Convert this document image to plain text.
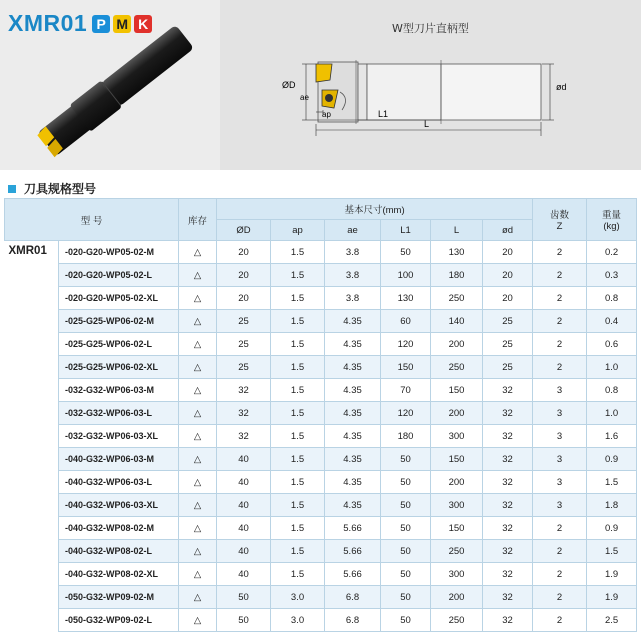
XMR01 P M K	W型刀片直柄型
ØD
ae
ap	L1
L
ød
刀具规格型号
型 号		库存	基本尺寸(mm)						齿数
Z	重量
(kg)
			ØD	ap	ae	L1	L	ød		
XMR01	-020-G20-WP05-02-M	△	20	1.5	3.8	50	130	20	2	0.2
	-020-G20-WP05-02-L	△	20	1.5	3.8	100	180	20	2	0.3
	-020-G20-WP05-02-XL	△	20	1.5	3.8	130	250	20	2	0.8
	-025-G25-WP06-02-M	△	25	1.5	4.35	60	140	25	2	0.4
	-025-G25-WP06-02-L	△	25	1.5	4.35	120	200	25	2	0.6
	-025-G25-WP06-02-XL	△	25	1.5	4.35	150	250	25	2	1.0
	-032-G32-WP06-03-M	△	32	1.5	4.35	70	150	32	3	0.8
	-032-G32-WP06-03-L	△	32	1.5	4.35	120	200	32	3	1.0
	-032-G32-WP06-03-XL	△	32	1.5	4.35	180	300	32	3	1.6
	-040-G32-WP06-03-M	△	40	1.5	4.35	50	150	32	3	0.9
	-040-G32-WP06-03-L	△	40	1.5	4.35	50	200	32	3	1.5
	-040-G32-WP06-03-XL	△	40	1.5	4.35	50	300	32	3	1.8
	-040-G32-WP08-02-M	△	40	1.5	5.66	50	150	32	2	0.9
	-040-G32-WP08-02-L	△	40	1.5	5.66	50	250	32	2	1.5
	-040-G32-WP08-02-XL	△	40	1.5	5.66	50	300	32	2	1.9
	-050-G32-WP09-02-M	△	50	3.0	6.8	50	200	32	2	1.9
	-050-G32-WP09-02-L	△	50	3.0	6.8	50	250	32	2	2.5
